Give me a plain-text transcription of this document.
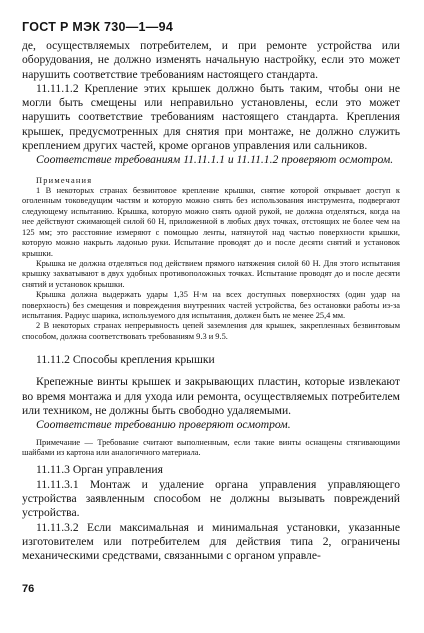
ГОСТ Р МЭК 730—1—94

де, осуществляемых потребителем, и при ремонте устройства или оборудования, не должно изменять начальную настройку, если это может нарушить соответствие требованиям настоящего стандарта.

11.11.1.2 Крепление этих крышек должно быть таким, чтобы они не могли быть смещены или неправильно установлены, если это может нарушить соответствие требованиям настоящего стандарта. Крепления крышек, предусмотренных для снятия при монтаже, не должно служить креплением других частей, кроме органов управления или сальников.

Соответствие требованиям 11.11.1.1 и 11.11.1.2 проверяют осмотром.

Примечания

1 В некоторых странах безвинтовое крепление крышки, снятие которой открывает доступ к оголенным токоведущим частям и которую можно снять без использования инструмента, подвергают следующему испытанию. Крышка, которую можно снять одной рукой, не должна отделяться, когда на нее действуют сжимающей силой 60 Н, приложенной в любых двух точках, отстоящих не более чем на 125 мм; это расстояние измеряют с помощью ленты, натянутой над частью поверхности крышки, которую можно накрыть ладонью руки. Испытание проводят до и после десяти снятий и установок крышки.

Крышка не должна отделяться под действием прямого натяжения силой 60 Н. Для этого испытания крышку захватывают в двух удобных противоположных точках. Испытание проводят до и после десяти снятий и установок крышки.

Крышка должна выдержать удары 1,35 Н·м на всех доступных поверхностях (один удар на поверхность) без смещения и повреждения внутренних частей устройства, без остановки работы из-за испытания. Радиус шарика, используемого для испытания, должен быть не менее 25,4 мм.

2 В некоторых странах непрерывность цепей заземления для крышек, закрепленных безвинтовым способом, должна соответствовать требованиям 9.3 и 9.5.

11.11.2 Способы крепления крышки

Крепежные винты крышек и закрывающих пластин, которые извлекают во время монтажа и для ухода или ремонта, осуществляемых потребителем или техником, не должны быть свободно удаляемыми.

Соответствие требованию проверяют осмотром.

Примечание — Требование считают выполненным, если такие винты оснащены стягивающими шайбами из картона или аналогичного материала.

11.11.3 Орган управления

11.11.3.1 Монтаж и удаление органа управления управляющего устройства заявленным способом не должны вызывать повреждений устройства.

11.11.3.2 Если максимальная и минимальная установки, указанные изготовителем или потребителем для действия типа 2, ограничены механическими средствами, связанными с органом управле-

76
